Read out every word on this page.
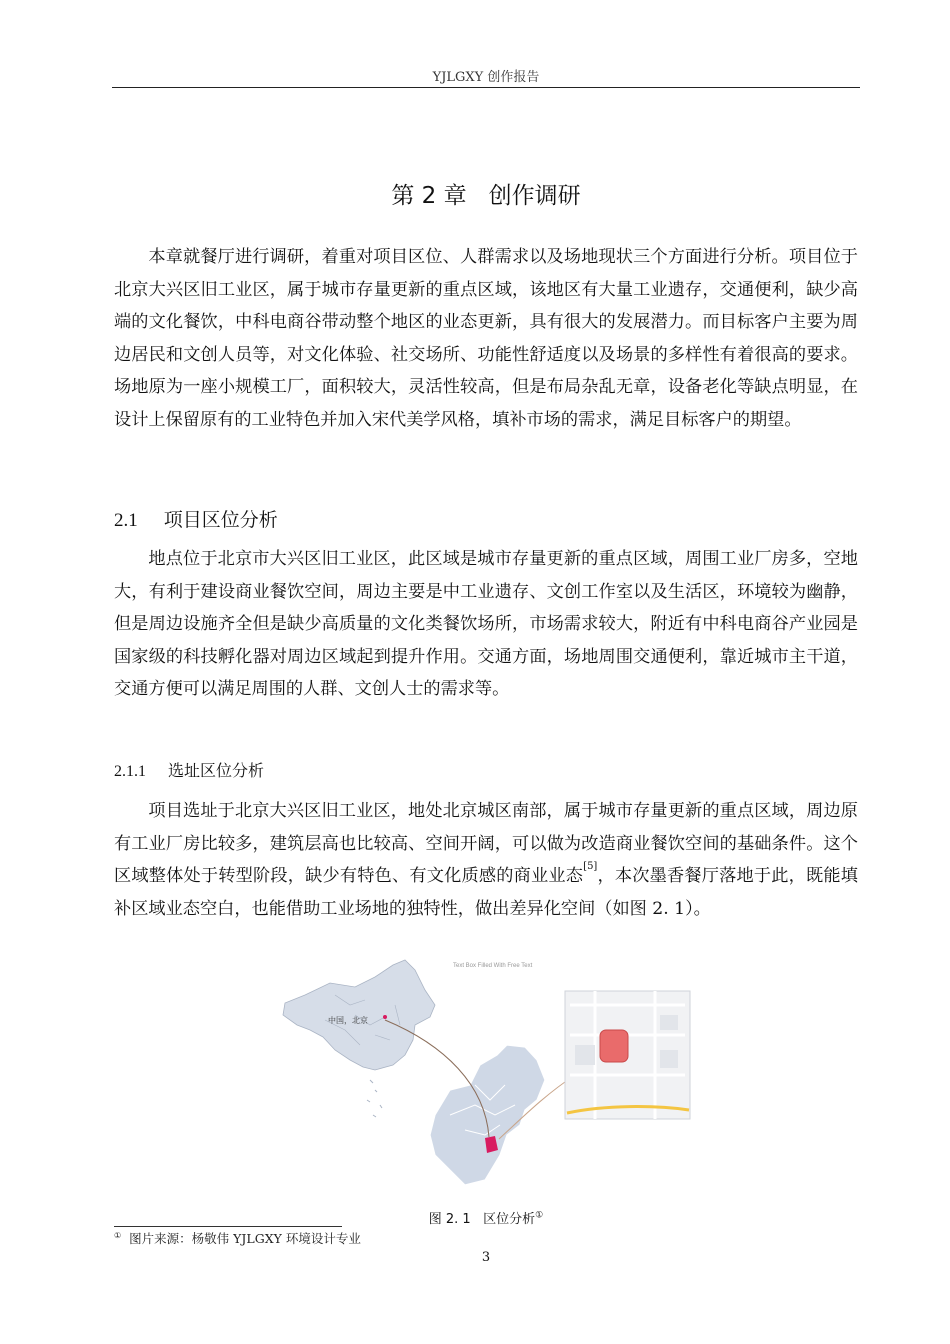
YJLGXY 创作报告
第 2 章 创作调研

本章就餐厅进行调研，着重对项目区位、人群需求以及场地现状三个方面进行分析。项目位于北京大兴区旧工业区，属于城市存量更新的重点区域，该地区有大量工业遗存，交通便利，缺少高端的文化餐饮，中科电商谷带动整个地区的业态更新，具有很大的发展潜力。而目标客户主要为周边居民和文创人员等，对文化体验、社交场所、功能性舒适度以及场景的多样性有着很高的要求。场地原为一座小规模工厂，面积较大，灵活性较高，但是布局杂乱无章，设备老化等缺点明显，在设计上保留原有的工业特色并加入宋代美学风格，填补市场的需求，满足目标客户的期望。

2.1 项目区位分析

地点位于北京市大兴区旧工业区，此区域是城市存量更新的重点区域，周围工业厂房多，空地大，有利于建设商业餐饮空间，周边主要是中工业遗存、文创工作室以及生活区，环境较为幽静，但是周边设施齐全但是缺少高质量的文化类餐饮场所，市场需求较大，附近有中科电商谷产业园是国家级的科技孵化器对周边区域起到提升作用。交通方面，场地周围交通便利，靠近城市主干道，交通方便可以满足周围的人群、文创人士的需求等。

2.1.1 选址区位分析

项目选址于北京大兴区旧工业区，地处北京城区南部，属于城市存量更新的重点区域，周边原有工业厂房比较多，建筑层高也比较高、空间开阔，可以做为改造商业餐饮空间的基础条件。这个区域整体处于转型阶段，缺少有特色、有文化质感的商业业态[5]，本次墨香餐厅落地于此，既能填补区域业态空白，也能借助工业场地的独特性，做出差异化空间（如图 2. 1）。

Text Box Filled With Free Text
中国，北京
图 2. 1 区位分析①
① 图片来源：杨敬伟 YJLGXY 环境设计专业
3
